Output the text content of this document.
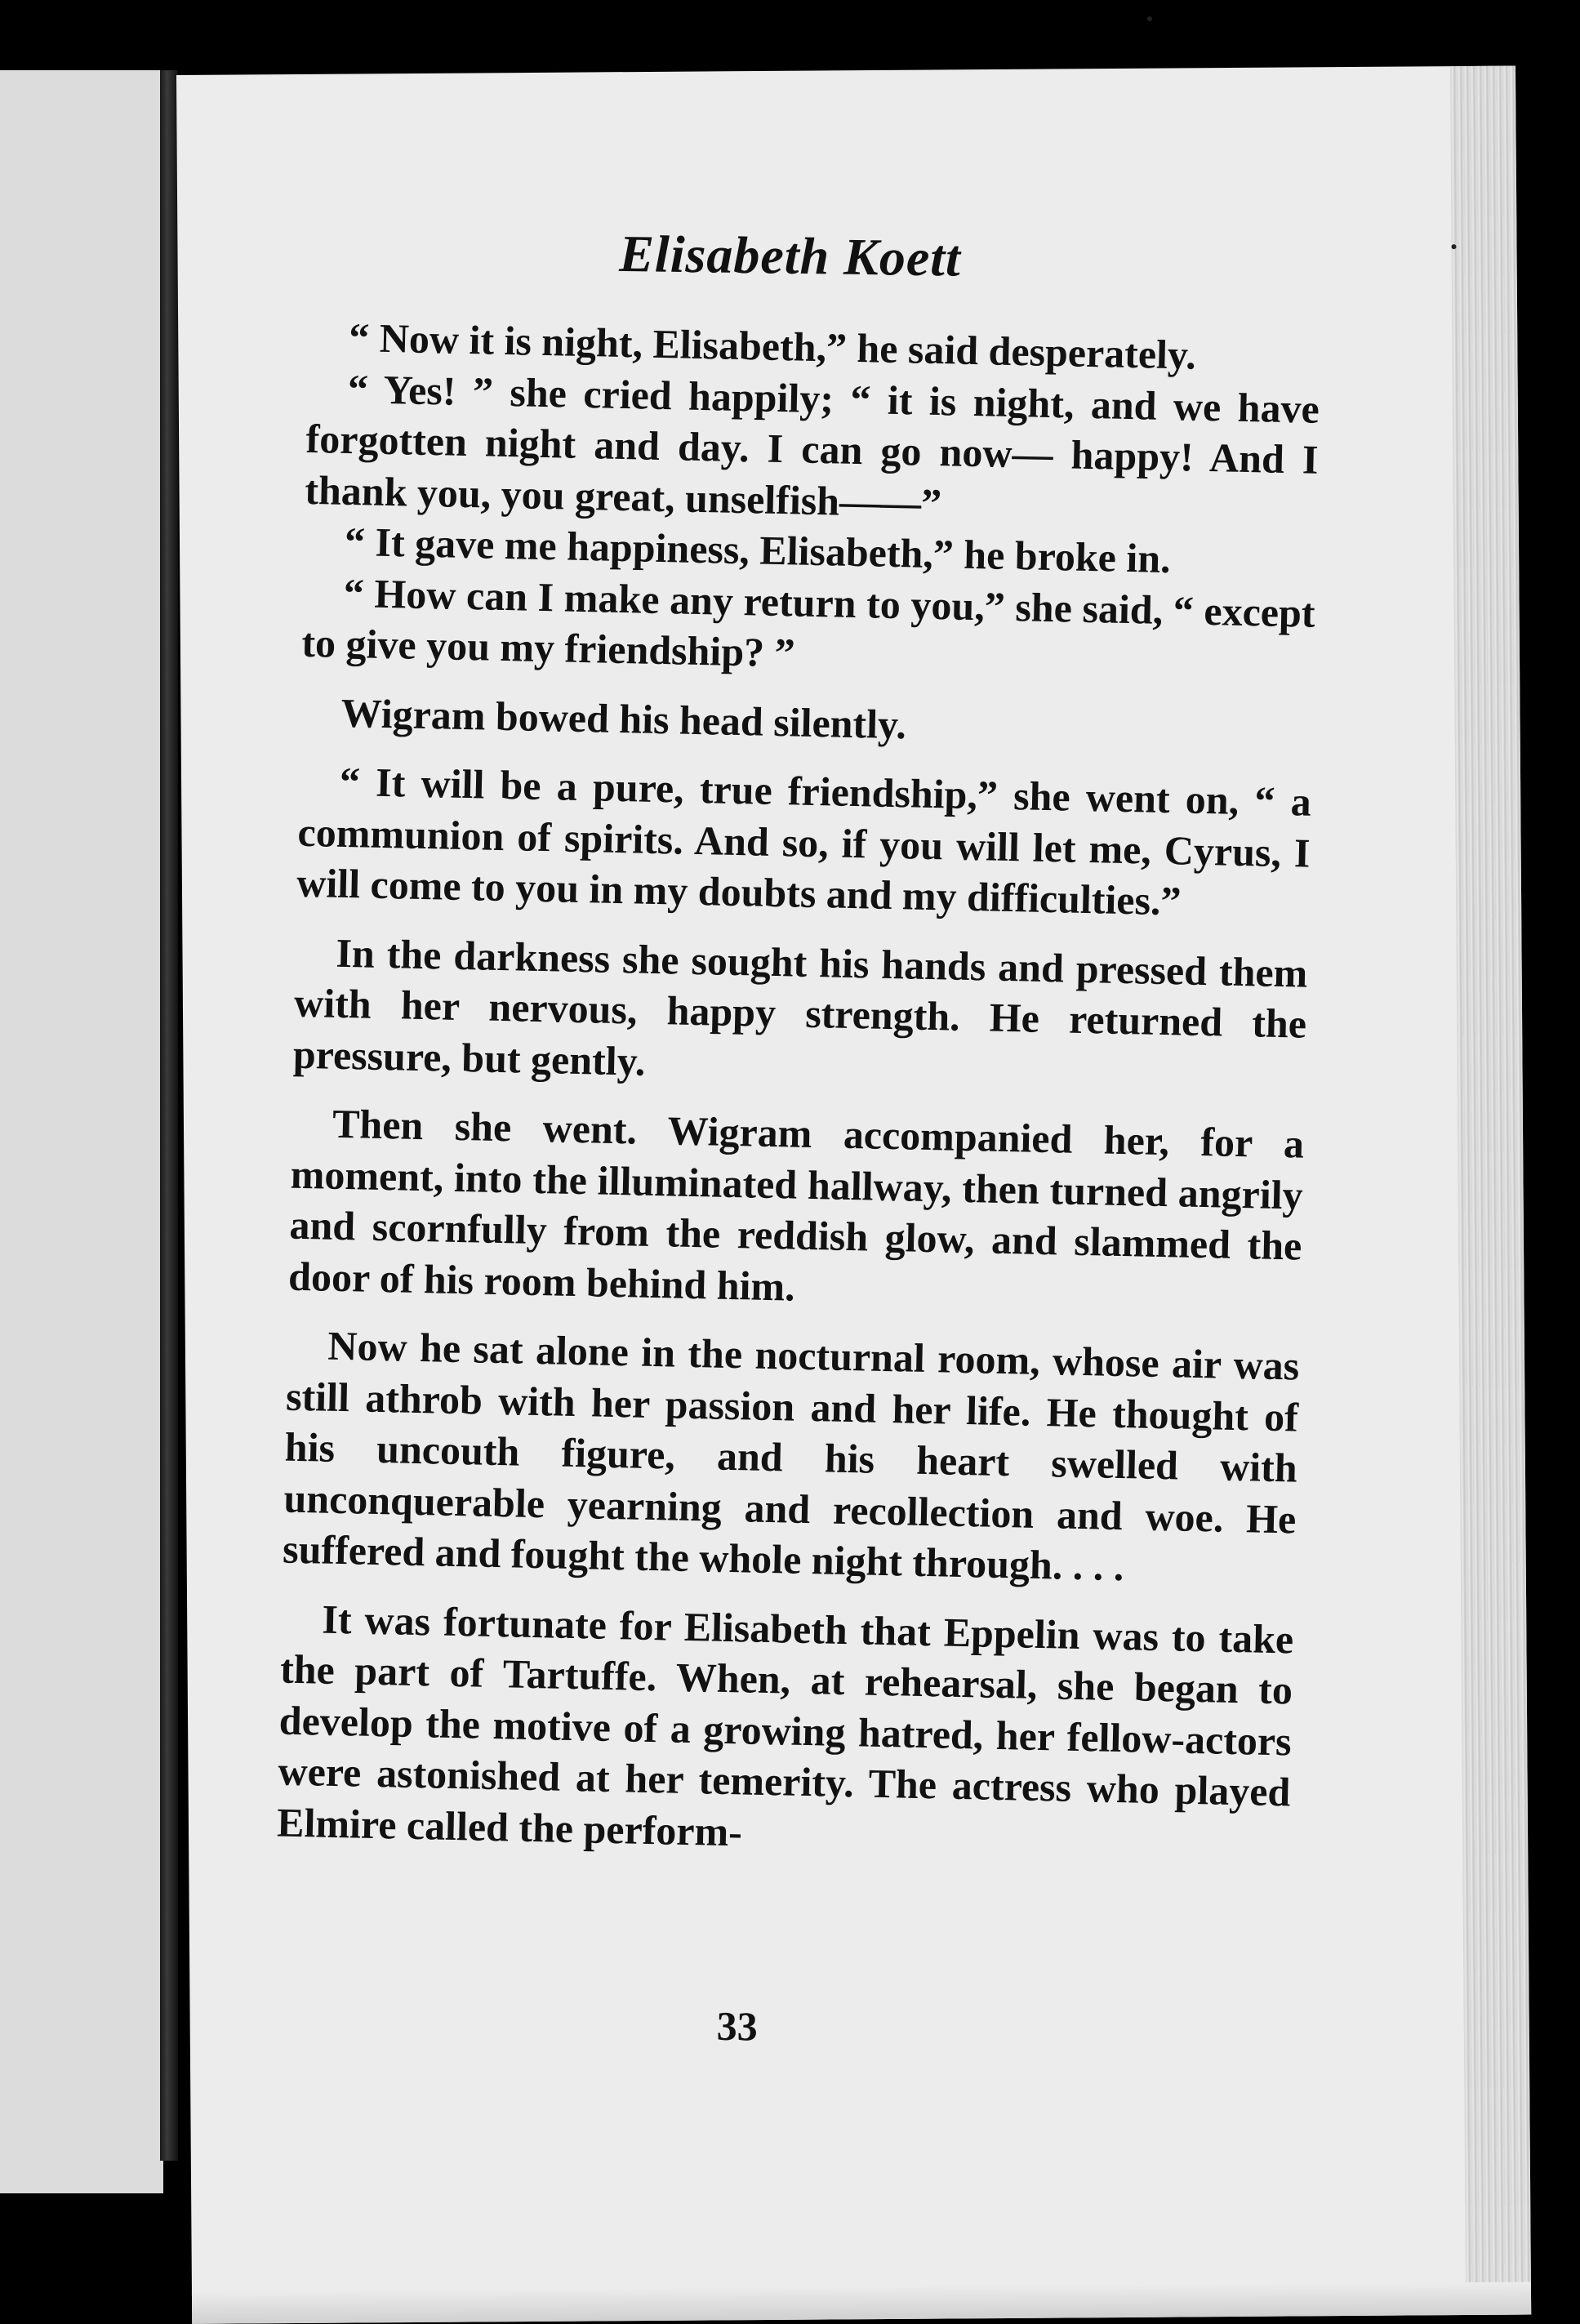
Elisabeth Koett

“ Now it is night, Elisabeth,” he said desperately.

“ Yes! ” she cried happily; “ it is night, and we have forgotten night and day. I can go now— happy! And I thank you, you great, unselfish——”

“ It gave me happiness, Elisabeth,” he broke in.

“ How can I make any return to you,” she said, “ except to give you my friendship? ”

Wigram bowed his head silently.

“ It will be a pure, true friendship,” she went on, “ a communion of spirits. And so, if you will let me, Cyrus, I will come to you in my doubts and my difficulties.”

In the darkness she sought his hands and pressed them with her nervous, happy strength. He returned the pressure, but gently.

Then she went. Wigram accompanied her, for a moment, into the illuminated hallway, then turned angrily and scornfully from the reddish glow, and slammed the door of his room behind him.

Now he sat alone in the nocturnal room, whose air was still athrob with her passion and her life. He thought of his uncouth figure, and his heart swelled with unconquerable yearning and recollection and woe. He suffered and fought the whole night through. . . .

It was fortunate for Elisabeth that Eppelin was to take the part of Tartuffe. When, at rehearsal, she began to develop the motive of a growing hatred, her fellow-actors were astonished at her temerity. The actress who played Elmire called the perform-

33
